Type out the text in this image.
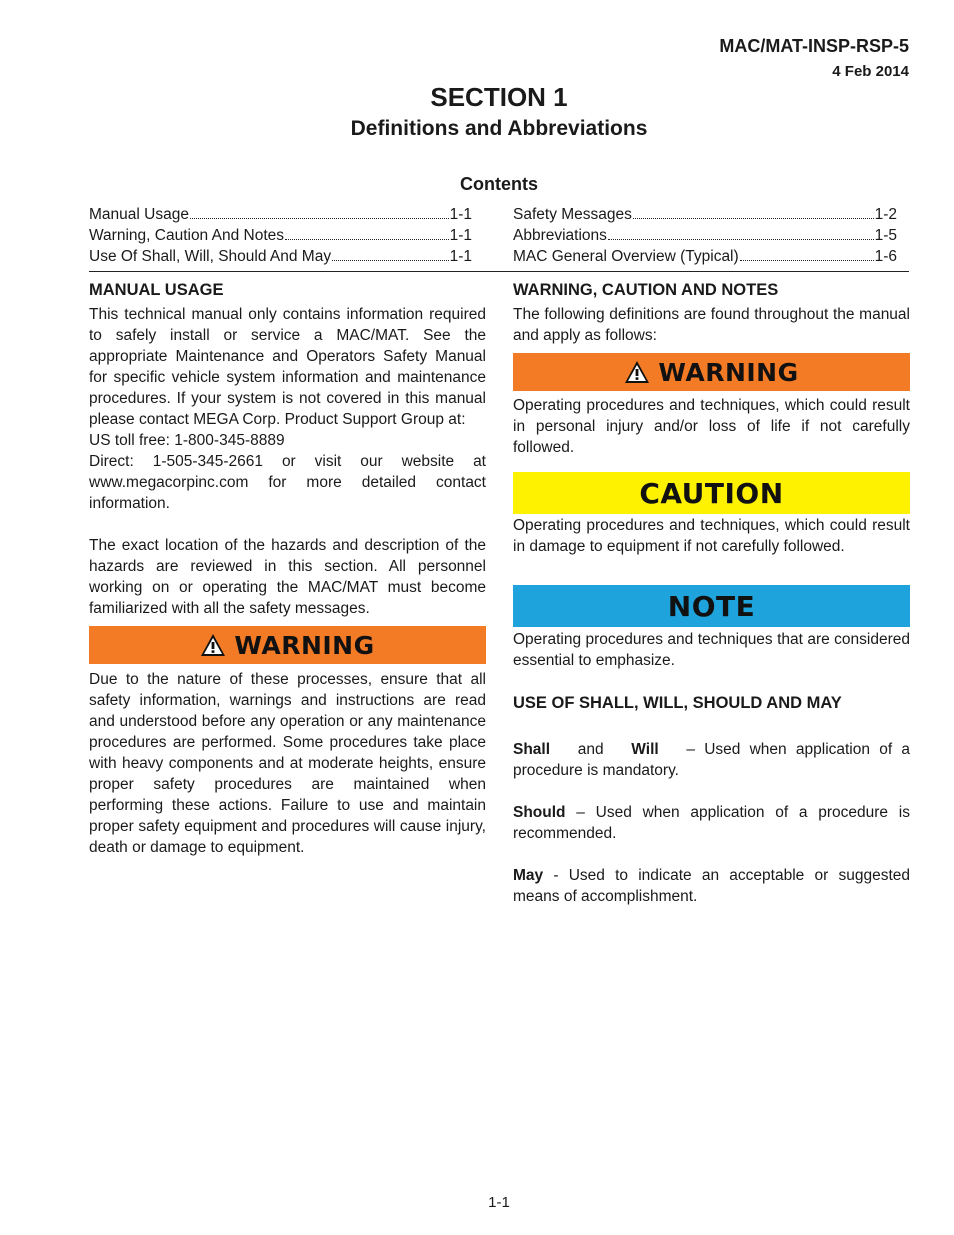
MAC/MAT-INSP-RSP-5
4 Feb 2014
SECTION 1
Definitions and Abbreviations
Contents
Manual Usage	1-1
Warning, Caution And Notes	1-1
Use Of Shall, Will, Should And May	1-1
Safety Messages	1-2
Abbreviations	1-5
MAC General Overview (Typical)	1-6
MANUAL USAGE

This technical manual only contains information required to safely install or service a MAC/MAT. See the appropriate Maintenance and Operators Safety Manual for specific vehicle system information and maintenance procedures. If your system is not covered in this manual please contact MEGA Corp. Product Support Group at:

US toll free: 1-800-345-8889

Direct: 1-505-345-2661 or visit our website at www.megacorpinc.com for more detailed contact information.

The exact location of the hazards and description of the hazards are reviewed in this section. All personnel working on or operating the MAC/MAT must become familiarized with all the safety messages.

WARNING

Due to the nature of these processes, ensure that all safety information, warnings and instructions are read and understood before any operation or any maintenance procedures are performed. Some procedures take place with heavy components and at moderate heights, ensure proper safety procedures are maintained when performing these actions. Failure to use and maintain proper safety equipment and procedures will cause injury, death or damage to equipment.

WARNING, CAUTION AND NOTES

The following definitions are found throughout the manual and apply as follows:

WARNING

Operating procedures and techniques, which could result in personal injury and/or loss of life if not carefully followed.

CAUTION

Operating procedures and techniques, which could result in damage to equipment if not carefully followed.

NOTE

Operating procedures and techniques that are considered essential to emphasize.

USE OF SHALL, WILL, SHOULD AND MAY

Shall and Will – Used when application of a procedure is mandatory.

Should – Used when application of a procedure is recommended.

May - Used to indicate an acceptable or suggested means of accomplishment.

1-1
